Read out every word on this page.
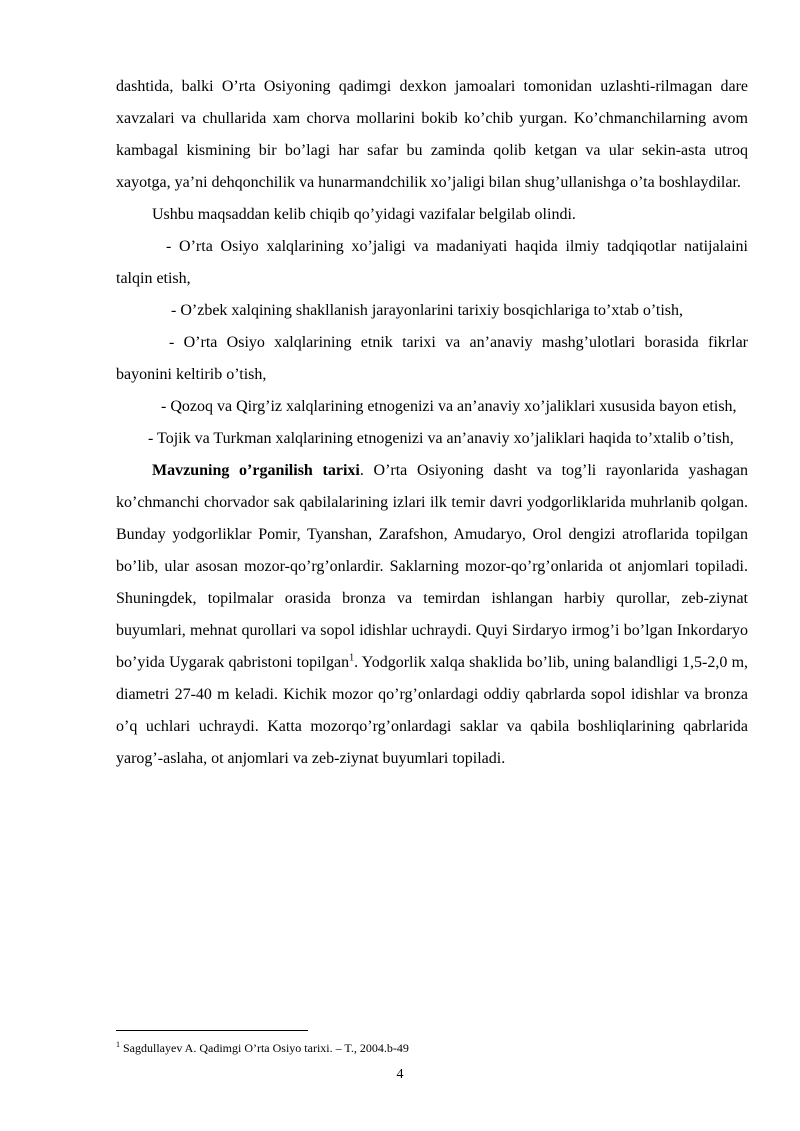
dashtida, balki O’rta Osiyoning qadimgi dexkon jamoalari tomonidan uzlashti-rilmagan dare xavzalari va chullarida xam chorva mollarini bokib ko’chib yurgan. Ko’chmanchilarning avom kambagal kismining bir bo’lagi har safar bu zaminda qolib ketgan va ular sekin-asta utroq xayotga, ya’ni dehqonchilik va hunarmandchilik xo’jaligi bilan shug’ullanishga o’ta boshlaydilar.

Ushbu maqsaddan kelib chiqib qo’yidagi vazifalar belgilab olindi.

- O’rta Osiyo xalqlarining xo’jaligi va madaniyati haqida ilmiy tadqiqotlar natijalaini talqin etish,

- O’zbek xalqining shakllanish jarayonlarini tarixiy bosqichlariga to’xtab o’tish,

- O’rta Osiyo xalqlarining etnik tarixi va an’anaviy mashg’ulotlari borasida fikrlar bayonini keltirib o’tish,

- Qozoq va Qirg’iz xalqlarining etnogenizi va an’anaviy xo’jaliklari xususida bayon etish,

- Tojik va Turkman xalqlarining etnogenizi va an’anaviy xo’jaliklari haqida to’xtalib o’tish,

Mavzuning o’rganilish tarixi. O’rta Osiyoning dasht va tog’li rayonlarida yashagan ko’chmanchi chorvador sak qabilalarining izlari ilk temir davri yodgorliklarida muhrlanib qolgan. Bunday yodgorliklar Pomir, Tyanshan, Zarafshon, Amudaryo, Orol dengizi atroflarida topilgan bo’lib, ular asosan mozor-qo’rg’onlardir. Saklarning mozor-qo’rg’onlarida ot anjomlari topiladi. Shuningdek, topilmalar orasida bronza va temirdan ishlangan harbiy qurollar, zeb-ziynat buyumlari, mehnat qurollari va sopol idishlar uchraydi. Quyi Sirdaryo irmog’i bo’lgan Inkordaryo bo’yida Uygarak qabristoni topilgan$^1$. Yodgorlik xalqa shaklida bo’lib, uning balandligi 1,5-2,0 m, diametri 27-40 m keladi. Kichik mozor qo’rg’onlardagi oddiy qabrlarda sopol idishlar va bronza o’q uchlari uchraydi. Katta mozorqo’rg’onlardagi saklar va qabila boshliqlarining qabrlarida yarog’-aslaha, ot anjomlari va zeb-ziynat buyumlari topiladi.

$^1$ Sagdullayev A. Qadimgi O’rta Osiyo tarixi. – T., 2004.b-49
4
